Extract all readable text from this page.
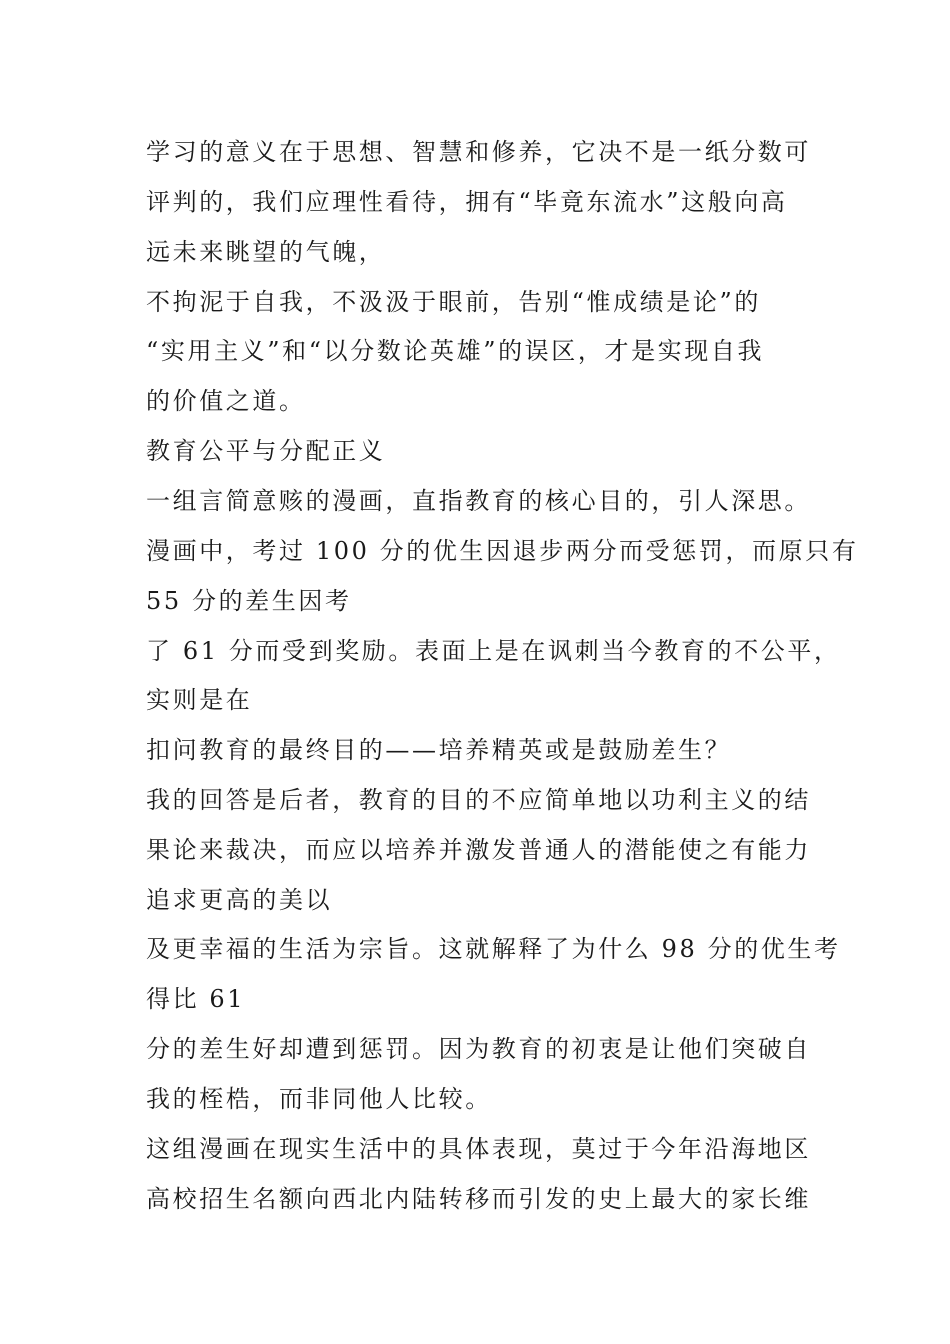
学习的意义在于思想、智慧和修养，它决不是一纸分数可
评判的，我们应理性看待，拥有“毕竟东流水”这般向高
远未来眺望的气魄，
不拘泥于自我，不汲汲于眼前，告别“惟成绩是论”的
“实用主义”和“以分数论英雄”的误区，才是实现自我
的价值之道。
教育公平与分配正义
一组言简意赅的漫画，直指教育的核心目的，引人深思。
漫画中，考过 100 分的优生因退步两分而受惩罚，而原只有
55 分的差生因考
了 61 分而受到奖励。表面上是在讽刺当今教育的不公平，
实则是在
扣问教育的最终目的——培养精英或是鼓励差生？
我的回答是后者，教育的目的不应简单地以功利主义的结
果论来裁决，而应以培养并激发普通人的潜能使之有能力
追求更高的美以
及更幸福的生活为宗旨。这就解释了为什么 98 分的优生考
得比 61
分的差生好却遭到惩罚。因为教育的初衷是让他们突破自
我的桎梏，而非同他人比较。
这组漫画在现实生活中的具体表现，莫过于今年沿海地区
高校招生名额向西北内陆转移而引发的史上最大的家长维
